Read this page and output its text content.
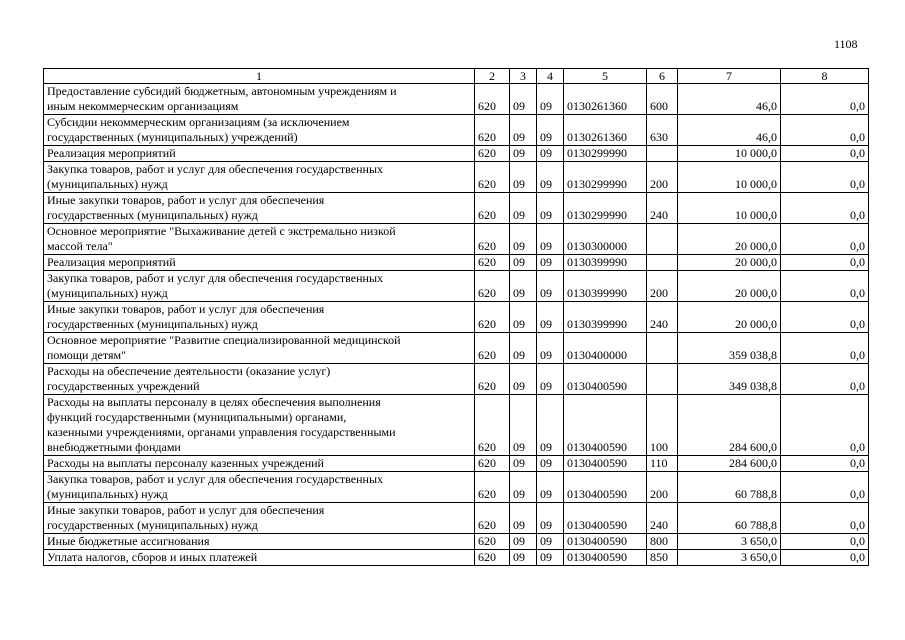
1108
1	2	3	4	5	6	7	8
Предоставление субсидий бюджетным, автономным учреждениям и
иным некоммерческим организациям	620	09	09	0130261360	600	46,0	0,0
Субсидии некоммерческим организациям (за исключением
государственных (муниципальных) учреждений)	620	09	09	0130261360	630	46,0	0,0
Реализация мероприятий	620	09	09	0130299990		10 000,0	0,0
Закупка товаров, работ и услуг для обеспечения государственных
(муниципальных) нужд	620	09	09	0130299990	200	10 000,0	0,0
Иные закупки товаров, работ и услуг для обеспечения
государственных (муниципальных) нужд	620	09	09	0130299990	240	10 000,0	0,0
Основное мероприятие "Выхаживание детей с экстремально низкой
массой тела"	620	09	09	0130300000		20 000,0	0,0
Реализация мероприятий	620	09	09	0130399990		20 000,0	0,0
Закупка товаров, работ и услуг для обеспечения государственных
(муниципальных) нужд	620	09	09	0130399990	200	20 000,0	0,0
Иные закупки товаров, работ и услуг для обеспечения
государственных (муниципальных) нужд	620	09	09	0130399990	240	20 000,0	0,0
Основное мероприятие "Развитие специализированной медицинской
помощи детям"	620	09	09	0130400000		359 038,8	0,0
Расходы на обеспечение деятельности (оказание услуг)
государственных учреждений	620	09	09	0130400590		349 038,8	0,0
Расходы на выплаты персоналу в целях обеспечения выполнения
функций государственными (муниципальными) органами,
казенными учреждениями, органами управления государственными
внебюджетными фондами	620	09	09	0130400590	100	284 600,0	0,0
Расходы на выплаты персоналу казенных учреждений	620	09	09	0130400590	110	284 600,0	0,0
Закупка товаров, работ и услуг для обеспечения государственных
(муниципальных) нужд	620	09	09	0130400590	200	60 788,8	0,0
Иные закупки товаров, работ и услуг для обеспечения
государственных (муниципальных) нужд	620	09	09	0130400590	240	60 788,8	0,0
Иные бюджетные ассигнования	620	09	09	0130400590	800	3 650,0	0,0
Уплата налогов, сборов и иных платежей	620	09	09	0130400590	850	3 650,0	0,0
